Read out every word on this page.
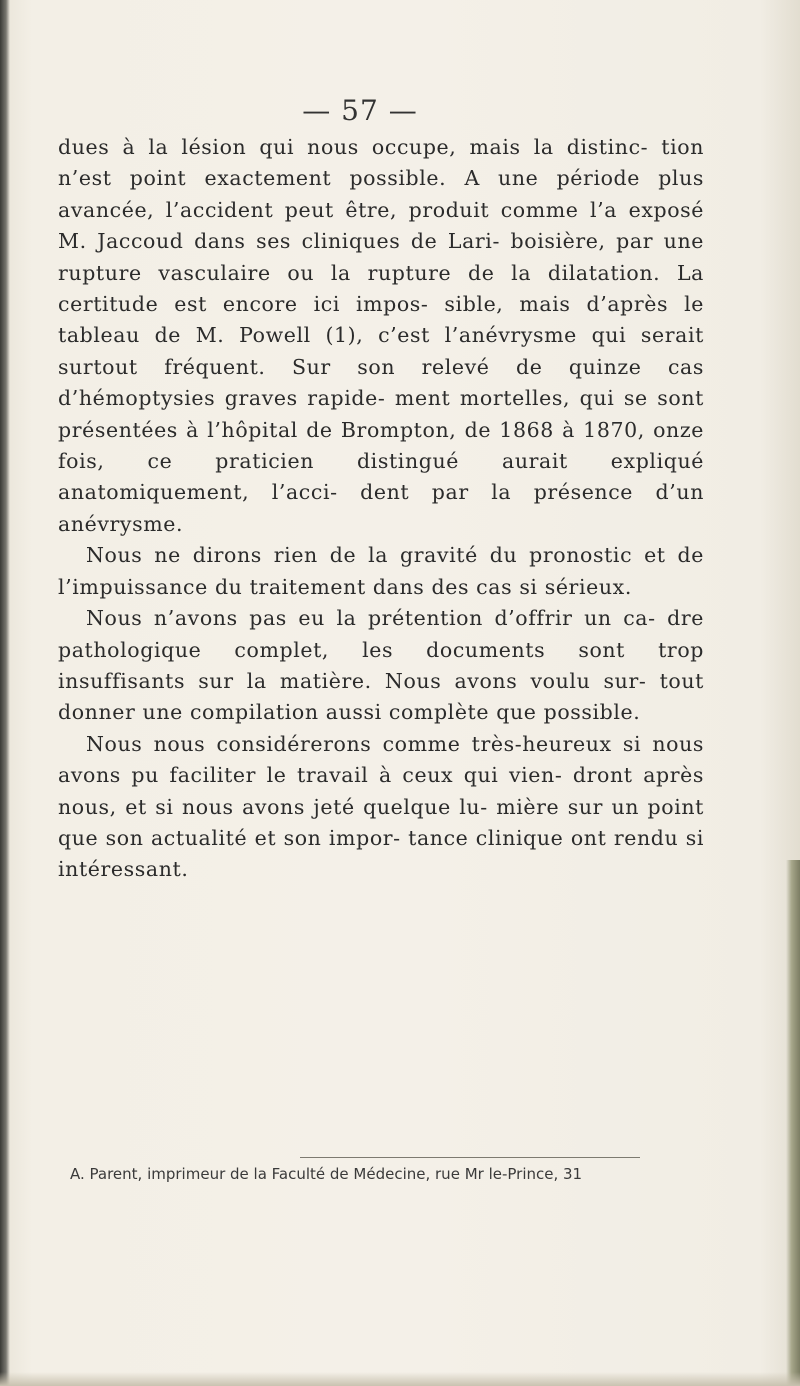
— 57 —

dues à la lésion qui nous occupe, mais la distinc- tion n’est point exactement possible. A une période plus avancée, l’accident peut être, produit comme l’a exposé M. Jaccoud dans ses cliniques de Lari- boisière, par une rupture vasculaire ou la rupture de la dilatation. La certitude est encore ici impos- sible, mais d’après le tableau de M. Powell (1), c’est l’anévrysme qui serait surtout fréquent. Sur son relevé de quinze cas d’hémoptysies graves rapide- ment mortelles, qui se sont présentées à l’hôpital de Brompton, de 1868 à 1870, onze fois, ce praticien distingué aurait expliqué anatomiquement, l’acci- dent par la présence d’un anévrysme.

Nous ne dirons rien de la gravité du pronostic et de l’impuissance du traitement dans des cas si sérieux.

Nous n’avons pas eu la prétention d’offrir un ca- dre pathologique complet, les documents sont trop insuffisants sur la matière. Nous avons voulu sur- tout donner une compilation aussi complète que possible.

Nous nous considérerons comme très-heureux si nous avons pu faciliter le travail à ceux qui vien- dront après nous, et si nous avons jeté quelque lu- mière sur un point que son actualité et son impor- tance clinique ont rendu si intéressant.

A. Parent, imprimeur de la Faculté de Médecine, rue Mr le-Prince, 31
